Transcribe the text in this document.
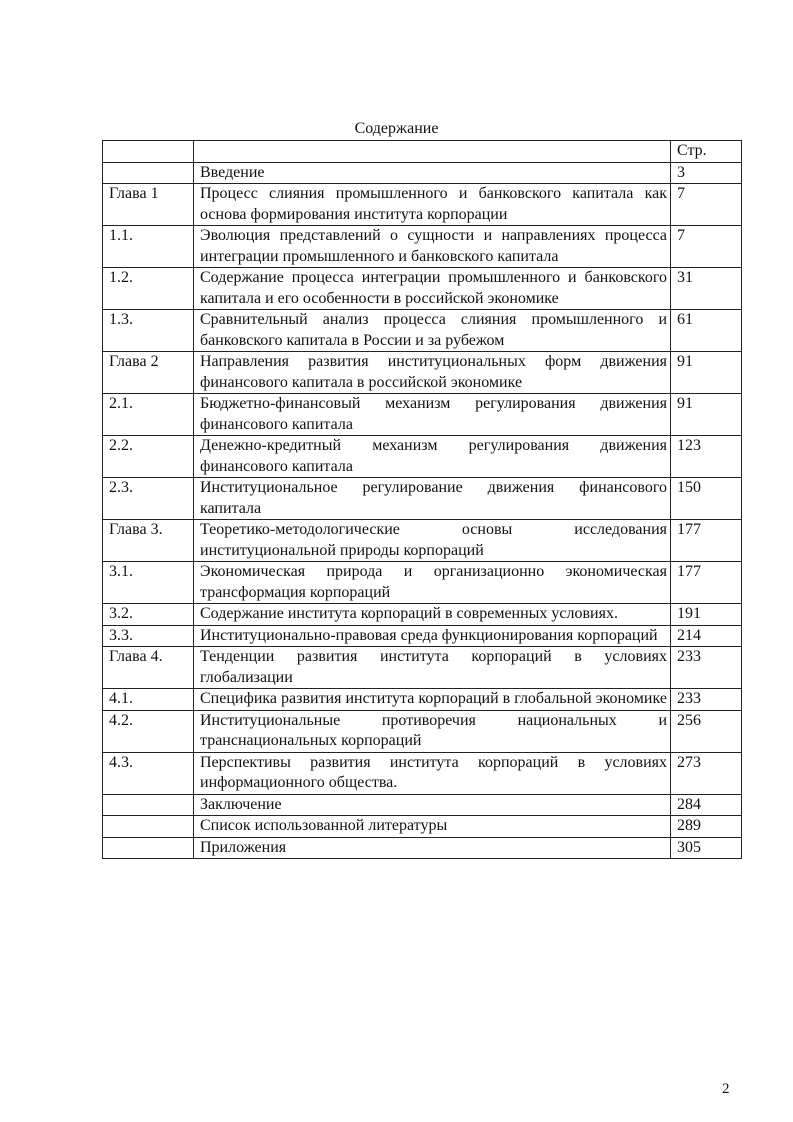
Содержание
		Стр.
	Введение	3
Глава 1	Процесс слияния промышленного и банковского капитала как основа формирования института корпорации	7
1.1.	Эволюция представлений о сущности и направлениях процесса интеграции промышленного и банковского капитала	7
1.2.	Содержание процесса интеграции промышленного и банковского капитала и его особенности в российской экономике	31
1.3.	Сравнительный анализ процесса слияния промышленного и банковского капитала в России и за рубежом	61
Глава 2	Направления развития институциональных форм движения финансового капитала в российской экономике	91
2.1.	Бюджетно-финансовый механизм регулирования движения финансового капитала	91
2.2.	Денежно-кредитный механизм регулирования движения финансового капитала	123
2.3.	Институциональное регулирование движения финансового капитала	150
Глава 3.	Теоретико-методологические основы исследования институциональной природы корпораций	177
3.1.	Экономическая природа и организационно экономическая трансформация корпораций	177
3.2.	Содержание института корпораций в современных условиях.	191
3.3.	Институционально-правовая среда функционирования корпораций	214
Глава 4.	Тенденции развития института корпораций в условиях глобализации	233
4.1.	Специфика развития института корпораций в глобальной экономике	233
4.2.	Институциональные противоречия национальных и транснациональных корпораций	256
4.3.	Перспективы развития института корпораций в условиях информационного общества.	273
	Заключение	284
	Список использованной литературы	289
	Приложения	305
2
